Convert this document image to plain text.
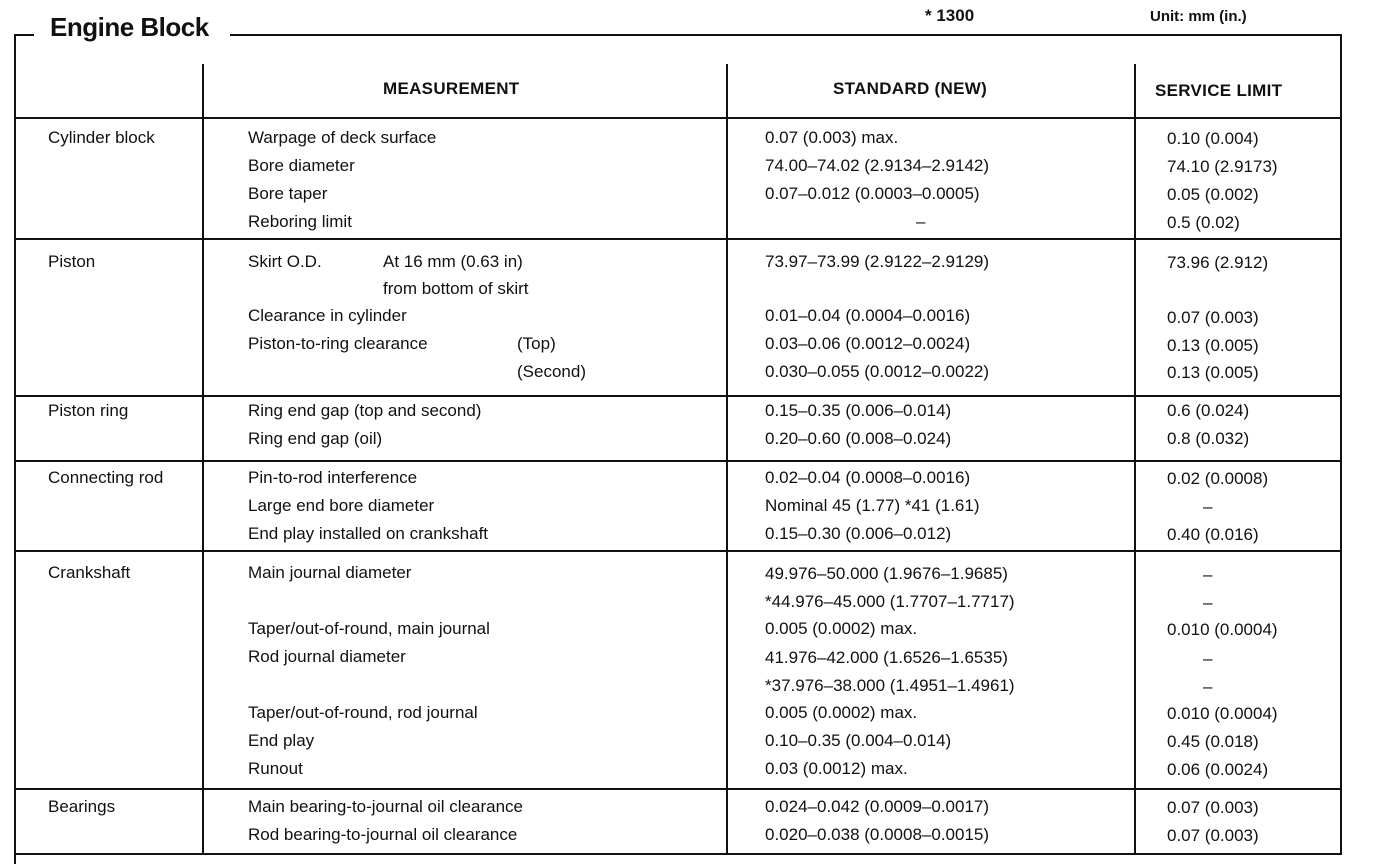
Engine Block	* 1300	Unit: mm (in.)
MEASUREMENT	STANDARD (NEW)	SERVICE LIMIT
Cylinder block	Warpage of deck surface	0.07 (0.003) max.	0.10 (0.004)
Bore diameter	74.00–74.02 (2.9134–2.9142)	74.10 (2.9173)
Bore taper	0.07–0.012 (0.0003–0.0005)	0.05 (0.002)
Reboring limit	–	0.5 (0.02)
Piston	Skirt O.D.	At 16 mm (0.63 in)	73.97–73.99 (2.9122–2.9129)	73.96 (2.912)
from bottom of skirt
Clearance in cylinder	0.01–0.04 (0.0004–0.0016)	0.07 (0.003)
Piston-to-ring clearance	(Top)	0.03–0.06 (0.0012–0.0024)	0.13 (0.005)
(Second)	0.030–0.055 (0.0012–0.0022)	0.13 (0.005)
Piston ring	Ring end gap (top and second)	0.15–0.35 (0.006–0.014)	0.6 (0.024)
Ring end gap (oil)	0.20–0.60 (0.008–0.024)	0.8 (0.032)
Connecting rod	Pin-to-rod interference	0.02–0.04 (0.0008–0.0016)	0.02 (0.0008)
Large end bore diameter	Nominal 45 (1.77) *41 (1.61)	–
End play installed on crankshaft	0.15–0.30 (0.006–0.012)	0.40 (0.016)
Crankshaft	Main journal diameter	49.976–50.000 (1.9676–1.9685)	–
*44.976–45.000 (1.7707–1.7717)	–
Taper/out-of-round, main journal	0.005 (0.0002) max.	0.010 (0.0004)
Rod journal diameter	41.976–42.000 (1.6526–1.6535)	–
*37.976–38.000 (1.4951–1.4961)	–
Taper/out-of-round, rod journal	0.005 (0.0002) max.	0.010 (0.0004)
End play	0.10–0.35 (0.004–0.014)	0.45 (0.018)
Runout	0.03 (0.0012) max.	0.06 (0.0024)
Bearings	Main bearing-to-journal oil clearance	0.024–0.042 (0.0009–0.0017)	0.07 (0.003)
Rod bearing-to-journal oil clearance	0.020–0.038 (0.0008–0.0015)	0.07 (0.003)
